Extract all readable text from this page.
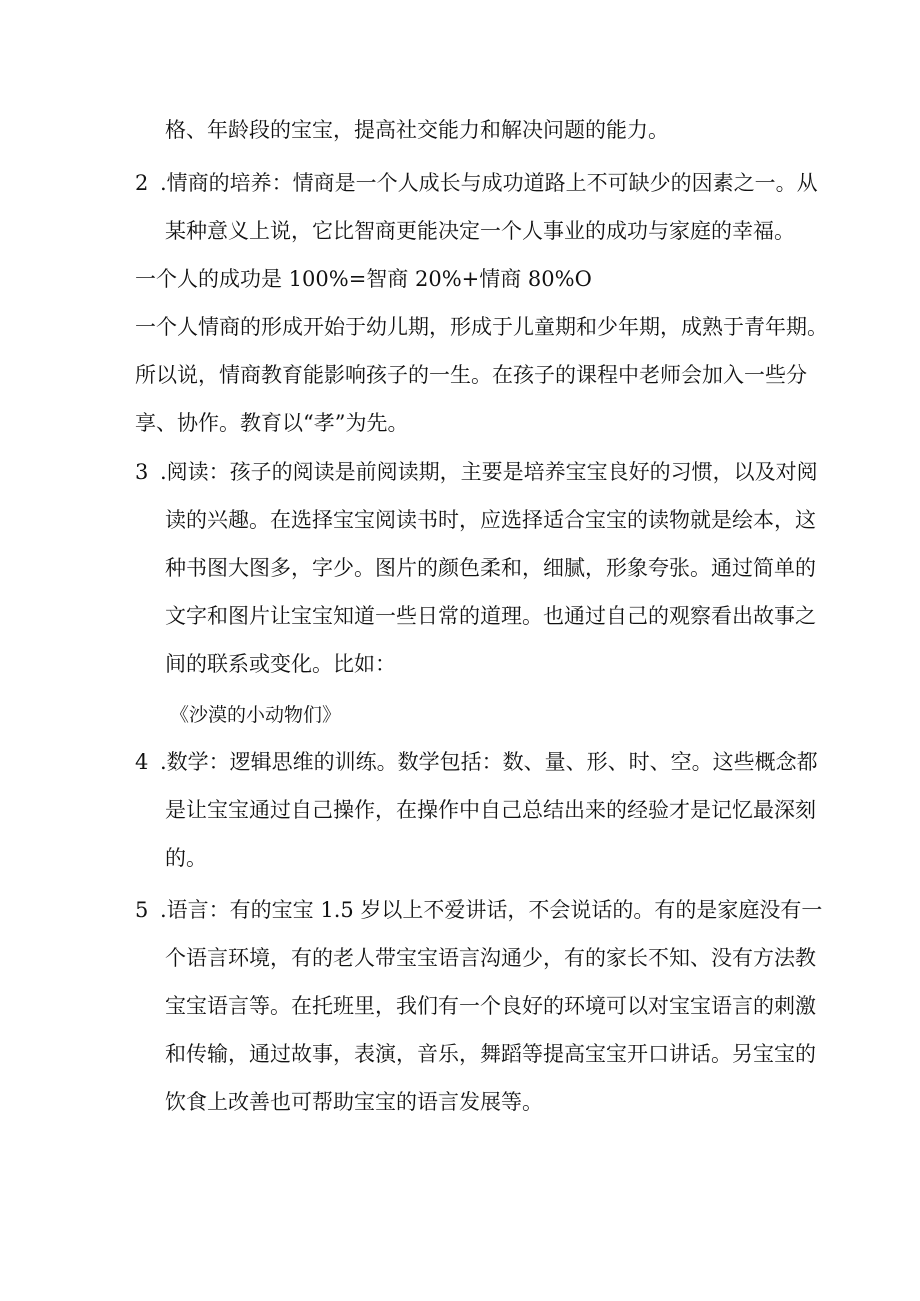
格、年龄段的宝宝，提高社交能力和解决问题的能力。
2 .情商的培养：情商是一个人成长与成功道路上不可缺少的因素之一。从
某种意义上说，它比智商更能决定一个人事业的成功与家庭的幸福。
一个人的成功是 100%=智商 20%+情商 80%O
一个人情商的形成开始于幼儿期，形成于儿童期和少年期，成熟于青年期。
所以说，情商教育能影响孩子的一生。在孩子的课程中老师会加入一些分
享、协作。教育以“孝”为先。
3 .阅读：孩子的阅读是前阅读期，主要是培养宝宝良好的习惯，以及对阅
读的兴趣。在选择宝宝阅读书时，应选择适合宝宝的读物就是绘本，这
种书图大图多，字少。图片的颜色柔和，细腻，形象夸张。通过简单的
文字和图片让宝宝知道一些日常的道理。也通过自己的观察看出故事之
间的联系或变化。比如：
《沙漠的小动物们》
4 .数学：逻辑思维的训练。数学包括：数、量、形、时、空。这些概念都
是让宝宝通过自己操作，在操作中自己总结出来的经验才是记忆最深刻
的。
5 .语言：有的宝宝 1.5 岁以上不爱讲话，不会说话的。有的是家庭没有一
个语言环境，有的老人带宝宝语言沟通少，有的家长不知、没有方法教
宝宝语言等。在托班里，我们有一个良好的环境可以对宝宝语言的刺激
和传输，通过故事，表演，音乐，舞蹈等提高宝宝开口讲话。另宝宝的
饮食上改善也可帮助宝宝的语言发展等。
